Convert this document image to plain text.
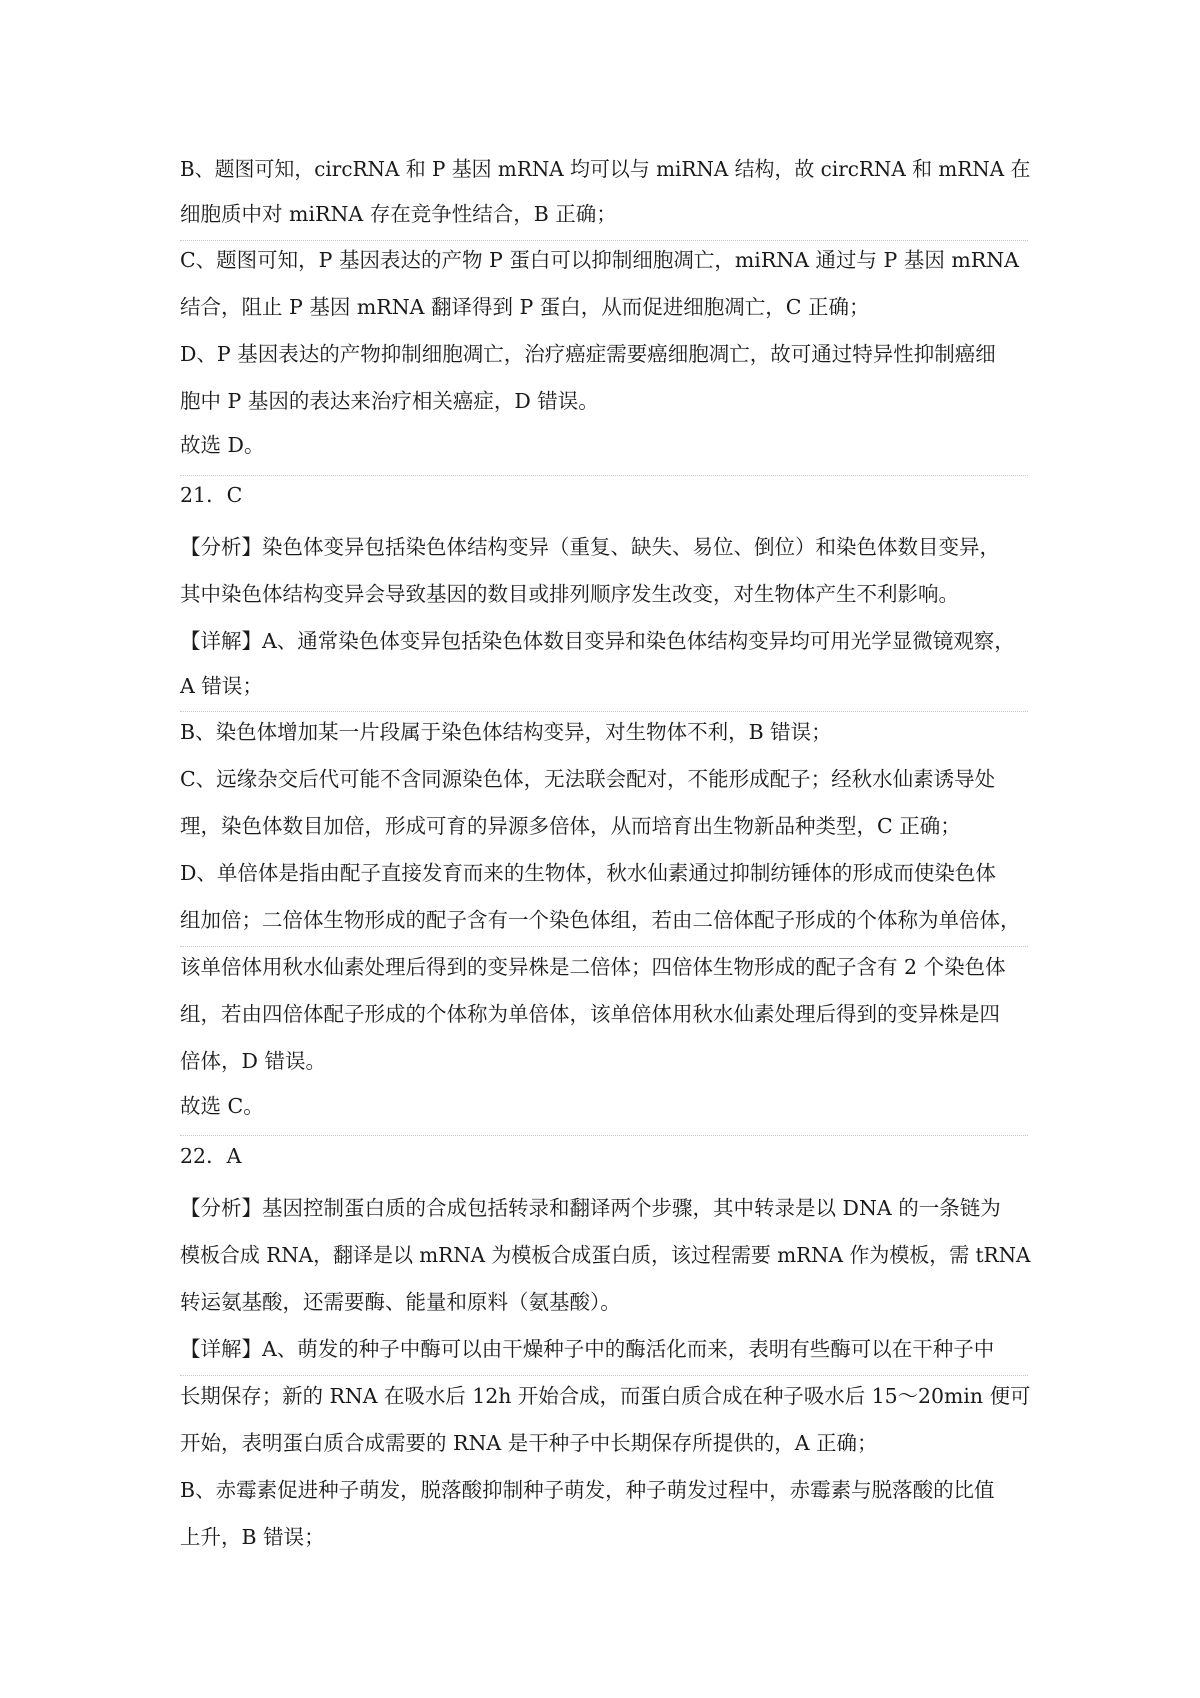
B、题图可知，circRNA 和 P 基因 mRNA 均可以与 miRNA 结构，故 circRNA 和 mRNA 在
细胞质中对 miRNA 存在竞争性结合，B 正确；
C、题图可知，P 基因表达的产物 P 蛋白可以抑制细胞凋亡，miRNA 通过与 P 基因 mRNA
结合，阻止 P 基因 mRNA 翻译得到 P 蛋白，从而促进细胞凋亡，C 正确；
D、P 基因表达的产物抑制细胞凋亡，治疗癌症需要癌细胞凋亡，故可通过特异性抑制癌细
胞中 P 基因的表达来治疗相关癌症，D 错误。
故选 D。
21．C
【分析】染色体变异包括染色体结构变异（重复、缺失、易位、倒位）和染色体数目变异，
其中染色体结构变异会导致基因的数目或排列顺序发生改变，对生物体产生不利影响。
【详解】A、通常染色体变异包括染色体数目变异和染色体结构变异均可用光学显微镜观察，
A 错误；
B、染色体增加某一片段属于染色体结构变异，对生物体不利，B 错误；
C、远缘杂交后代可能不含同源染色体，无法联会配对，不能形成配子；经秋水仙素诱导处
理，染色体数目加倍，形成可育的异源多倍体，从而培育出生物新品种类型，C 正确；
D、单倍体是指由配子直接发育而来的生物体，秋水仙素通过抑制纺锤体的形成而使染色体
组加倍；二倍体生物形成的配子含有一个染色体组，若由二倍体配子形成的个体称为单倍体，
该单倍体用秋水仙素处理后得到的变异株是二倍体；四倍体生物形成的配子含有 2 个染色体
组，若由四倍体配子形成的个体称为单倍体，该单倍体用秋水仙素处理后得到的变异株是四
倍体，D 错误。
故选 C。
22．A
【分析】基因控制蛋白质的合成包括转录和翻译两个步骤，其中转录是以 DNA 的一条链为
模板合成 RNA，翻译是以 mRNA 为模板合成蛋白质，该过程需要 mRNA 作为模板，需 tRNA
转运氨基酸，还需要酶、能量和原料（氨基酸）。
【详解】A、萌发的种子中酶可以由干燥种子中的酶活化而来，表明有些酶可以在干种子中
长期保存；新的 RNA 在吸水后 12h 开始合成，而蛋白质合成在种子吸水后 15～20min 便可
开始，表明蛋白质合成需要的 RNA 是干种子中长期保存所提供的，A 正确；
B、赤霉素促进种子萌发，脱落酸抑制种子萌发，种子萌发过程中，赤霉素与脱落酸的比值
上升，B 错误；
